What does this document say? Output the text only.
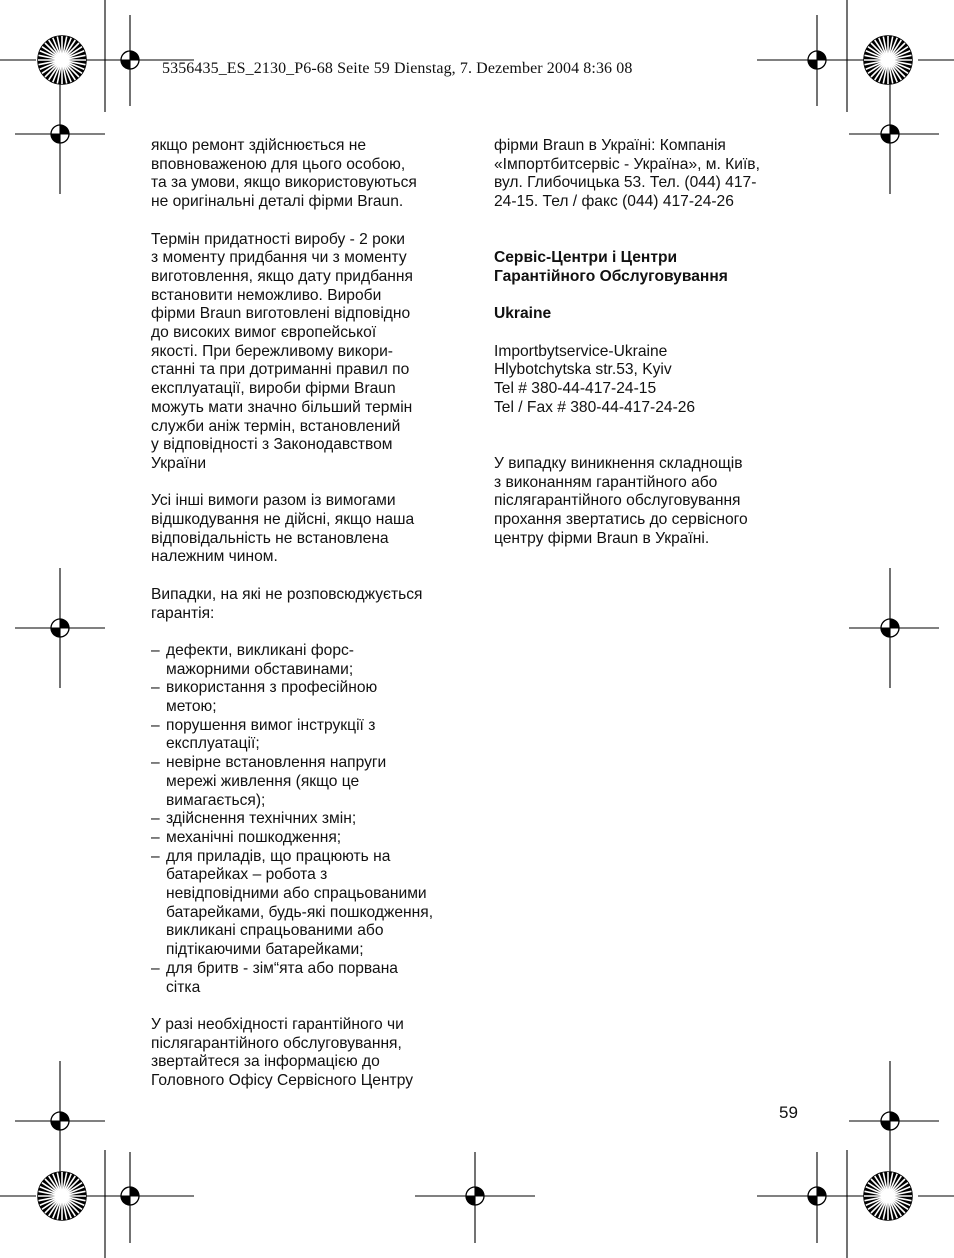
5356435_ES_2130_P6-68 Seite 59 Dienstag, 7. Dezember 2004 8:36 08

якщо ремонт здійснюється не
вповноваженою для цього особою,
та за умови, якщо використовуються
не оригінальні деталі фірми Braun.

Термін придатності виробу - 2 роки
з моменту придбання чи з моменту
виготовлення, якщо дату придбання
встановити неможливо. Вироби
фірми Braun виготовлені відповідно
до високих вимог європейської
якості. При бережливому викори-
станні та при дотриманні правил по
експлуатації, вироби фірми Braun
можуть мати значно більший термін
служби аніж термін, встановлений
у відповідності з Законодавством
України

Усі інші вимоги разом із вимогами
відшкодування не дійсні, якщо наша
відповідальність не встановлена
належним чином.

Випадки, на які не розповсюджується
гарантія:

– дефекти, викликані форс-
мажорними обставинами;
– використання з професійною
метою;
– порушення вимог інструкції з
експлуатації;
– невірне встановлення напруги
мережі живлення (якщо це
вимагається);
– здійснення технічних змін;
– механічні пошкодження;
– для приладів, що працюють на
батарейках – робота з
невідповідними або спрацьованими
батарейками, будь-які пошкодження,
викликані спрацьованими або
підтікаючими батарейками;
– для бритв - зім“ята або порвана
сітка

У разі необхідності гарантійного чи
післягарантійного обслуговування,
звертайтеся за інформацією до
Головного Офісу Сервісного Центру

фірми Braun в Україні: Компанія
«Імпортбитсервіс - Україна», м. Київ,
вул. Глибочицька 53. Тел. (044) 417-
24-15. Тел / факс (044) 417-24-26

Сервіс-Центри і Центри
Гарантійного Обслуговування

Ukraine

Importbytservice-Ukraine
Hlybotchytska str.53, Kyiv
Tel # 380-44-417-24-15
Tel / Fax # 380-44-417-24-26

У випадку виникнення складнощів
з виконанням гарантійного або
післягарантійного обслуговування
прохання звертатись до сервісного
центру фірми Braun в Україні.

59
